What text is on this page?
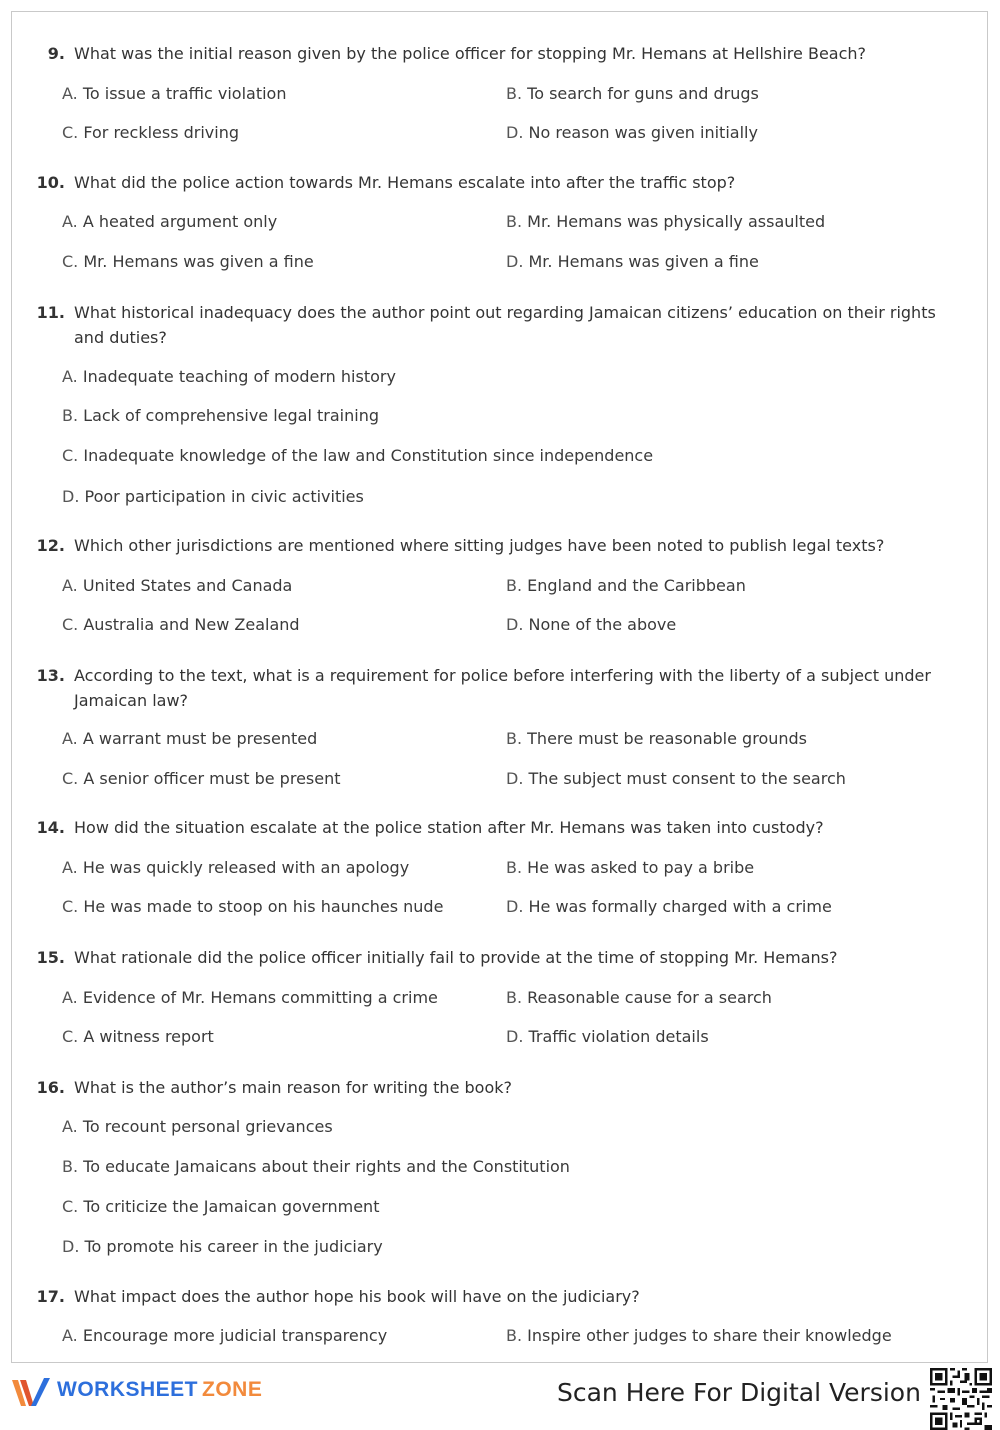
9. What was the initial reason given by the police officer for stopping Mr. Hemans at Hellshire Beach?
A. To issue a traffic violation	B. To search for guns and drugs
C. For reckless driving	D. No reason was given initially
10. What did the police action towards Mr. Hemans escalate into after the traffic stop?
A. A heated argument only	B. Mr. Hemans was physically assaulted
C. Mr. Hemans was given a fine	D. Mr. Hemans was given a fine
11. What historical inadequacy does the author point out regarding Jamaican citizens’ education on their rights and duties?
A. Inadequate teaching of modern history
B. Lack of comprehensive legal training
C. Inadequate knowledge of the law and Constitution since independence
D. Poor participation in civic activities
12. Which other jurisdictions are mentioned where sitting judges have been noted to publish legal texts?
A. United States and Canada	B. England and the Caribbean
C. Australia and New Zealand	D. None of the above
13. According to the text, what is a requirement for police before interfering with the liberty of a subject under Jamaican law?
A. A warrant must be presented	B. There must be reasonable grounds
C. A senior officer must be present	D. The subject must consent to the search
14. How did the situation escalate at the police station after Mr. Hemans was taken into custody?
A. He was quickly released with an apology	B. He was asked to pay a bribe
C. He was made to stoop on his haunches nude	D. He was formally charged with a crime
15. What rationale did the police officer initially fail to provide at the time of stopping Mr. Hemans?
A. Evidence of Mr. Hemans committing a crime	B. Reasonable cause for a search
C. A witness report	D. Traffic violation details
16. What is the author’s main reason for writing the book?
A. To recount personal grievances
B. To educate Jamaicans about their rights and the Constitution
C. To criticize the Jamaican government
D. To promote his career in the judiciary
17. What impact does the author hope his book will have on the judiciary?
A. Encourage more judicial transparency	B. Inspire other judges to share their knowledge
WORKSHEET ZONE	Scan Here For Digital Version
